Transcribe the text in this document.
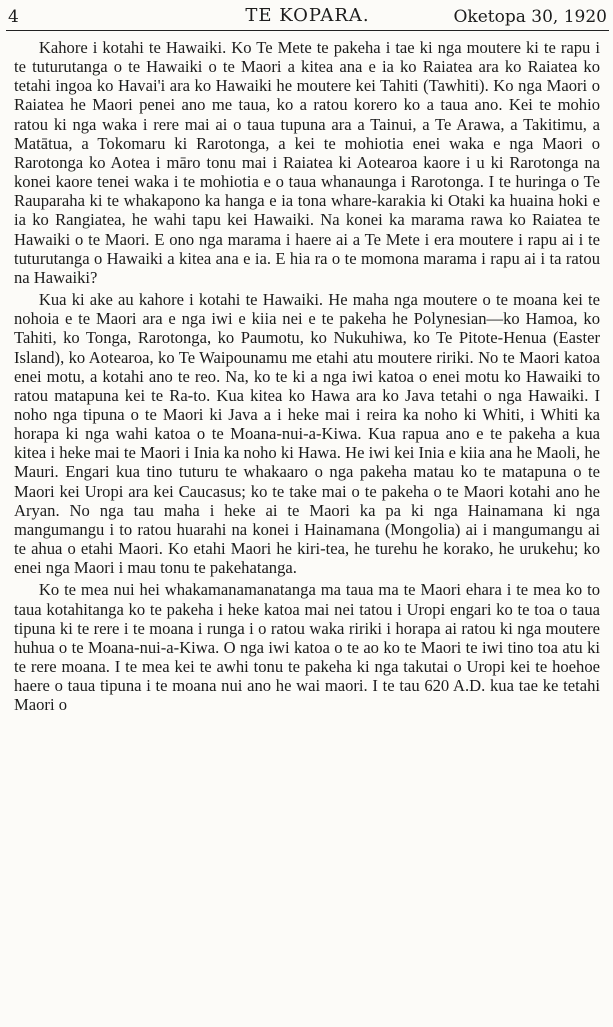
4	TE KOPARA.	Oketopa 30, 1920

Kahore i kotahi te Hawaiki. Ko Te Mete te pakeha i tae ki nga moutere ki te rapu i te tuturutanga o te Hawaiki o te Maori a kitea ana e ia ko Raiatea ara ko Raiatea ko tetahi ingoa ko Havai'i ara ko Hawaiki he moutere kei Tahiti (Tawhiti). Ko nga Maori o Raiatea he Maori penei ano me taua, ko a ratou korero ko a taua ano. Kei te mohio ratou ki nga waka i rere mai ai o taua tupuna ara a Tainui, a Te Arawa, a Takitimu, a Matātua, a Tokomaru ki Rarotonga, a kei te mohiotia enei waka e nga Maori o Rarotonga ko Aotea i māro tonu mai i Raiatea ki Aotearoa kaore i u ki Rarotonga na konei kaore tenei waka i te mohiotia e o taua whanaunga i Rarotonga. I te huringa o Te Rauparaha ki te whakapono ka hanga e ia tona whare-karakia ki Otaki ka huaina hoki e ia ko Rangiatea, he wahi tapu kei Hawaiki. Na konei ka marama rawa ko Raiatea te Hawaiki o te Maori. E ono nga marama i haere ai a Te Mete i era moutere i rapu ai i te tuturutanga o Hawaiki a kitea ana e ia. E hia ra o te momona marama i rapu ai i ta ratou na Hawaiki?

Kua ki ake au kahore i kotahi te Hawaiki. He maha nga moutere o te moana kei te nohoia e te Maori ara e nga iwi e kiia nei e te pakeha he Polynesian—ko Hamoa, ko Tahiti, ko Tonga, Rarotonga, ko Paumotu, ko Nukuhiwa, ko Te Pitote-Henua (Easter Island), ko Aotearoa, ko Te Waipounamu me etahi atu moutere ririki. No te Maori katoa enei motu, a kotahi ano te reo. Na, ko te ki a nga iwi katoa o enei motu ko Hawaiki to ratou matapuna kei te Ra-to. Kua kitea ko Hawa ara ko Java tetahi o nga Hawaiki. I noho nga tipuna o te Maori ki Java a i heke mai i reira ka noho ki Whiti, i Whiti ka horapa ki nga wahi katoa o te Moana-nui-a-Kiwa. Kua rapua ano e te pakeha a kua kitea i heke mai te Maori i Inia ka noho ki Hawa. He iwi kei Inia e kiia ana he Maoli, he Mauri. Engari kua tino tuturu te whakaaro o nga pakeha matau ko te matapuna o te Maori kei Uropi ara kei Caucasus; ko te take mai o te pakeha o te Maori kotahi ano he Aryan. No nga tau maha i heke ai te Maori ka pa ki nga Hainamana ki nga mangumangu i to ratou huarahi na konei i Hainamana (Mongolia) ai i mangumangu ai te ahua o etahi Maori. Ko etahi Maori he kiri-tea, he turehu he korako, he urukehu; ko enei nga Maori i mau tonu te pakehatanga.

Ko te mea nui hei whakamanamanatanga ma taua ma te Maori ehara i te mea ko to taua kotahitanga ko te pakeha i heke katoa mai nei tatou i Uropi engari ko te toa o taua tipuna ki te rere i te moana i runga i o ratou waka ririki i horapa ai ratou ki nga moutere huhua o te Moana-nui-a-Kiwa. O nga iwi katoa o te ao ko te Maori te iwi tino toa atu ki te rere moana. I te mea kei te awhi tonu te pakeha ki nga takutai o Uropi kei te hoehoe haere o taua tipuna i te moana nui ano he wai maori. I te tau 620 A.D. kua tae ke tetahi Maori o
